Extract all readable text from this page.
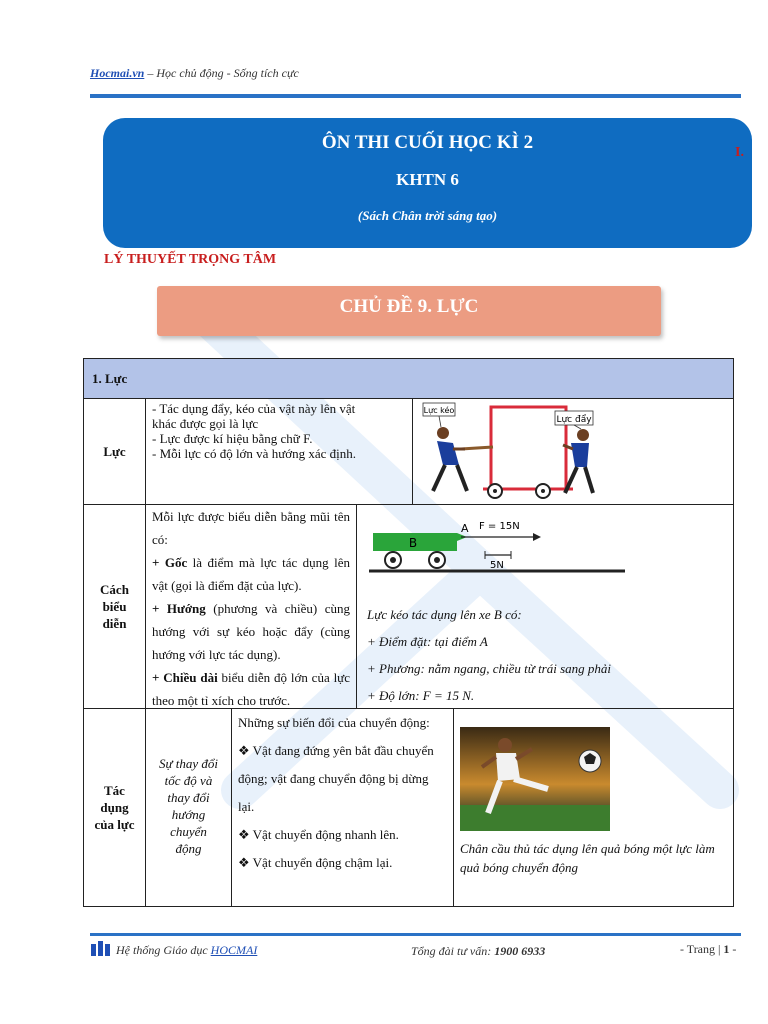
Hocmai.vn – Học chủ động - Sống tích cực
ÔN THI CUỐI HỌC KÌ 2
KHTN 6
(Sách Chân trời sáng tạo)
I.
LÝ THUYẾT TRỌNG TÂM
CHỦ ĐỀ 9. LỰC
1. Lực
Lực
- Tác dụng đẩy, kéo của vật này lên vật
khác được gọi là lực
- Lực được kí hiệu bằng chữ F.
- Mỗi lực có độ lớn và hướng xác định.
Lực kéo
Lực đẩy
Cách
biểu
diễn
Mỗi lực được biểu diễn bằng mũi tên có:
+ Gốc là điểm mà lực tác dụng lên vật (gọi là điểm đặt của lực).
+ Hướng (phương và chiều) cùng hướng với sự kéo hoặc đẩy (cùng hướng với lực tác dụng).
+ Chiều dài biểu diễn độ lớn của lực theo một tỉ xích cho trước.
B
A F = 15N
5N
Lực kéo tác dụng lên xe B có:
+ Điểm đặt: tại điểm A
+ Phương: nằm ngang, chiều từ trái sang phải
+ Độ lớn: F = 15 N.
Tác
dụng
của lực
Sự thay đổi
tốc độ và
thay đổi
hướng
chuyển
động
Những sự biến đổi của chuyển động:
❖ Vật đang đứng yên bắt đầu chuyển động; vật đang chuyển động bị dừng lại.
❖ Vật chuyển động nhanh lên.
❖ Vật chuyển động chậm lại.
Chân cầu thủ tác dụng lên quả bóng một lực làm quả bóng chuyển động
Hệ thống Giáo dục HOCMAI	Tổng đài tư vấn: 1900 6933	- Trang | 1 -
